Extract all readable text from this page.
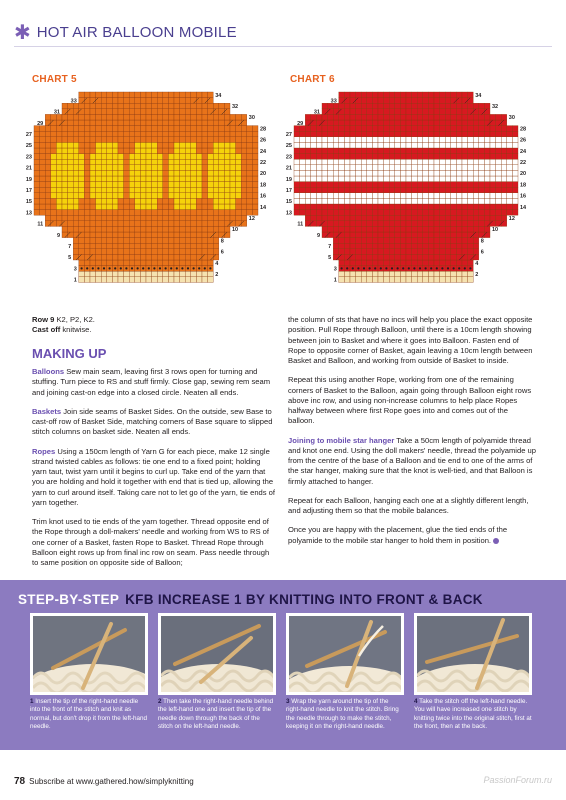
✱ HOT AIR BALLOON MOBILE
CHART 5	CHART 6
33
31
29
27
25
23
21
19
17
15
13
11
9
7
5
3
1
34
32
30
28
26
24
22
20
18
16
14
12
10
8
6
4
2
33
31
29
27
25
23
21
19
17
15
13
11
9
7
5
3
1
34
32
30
28
26
24
22
20
18
16
14
12
10
8
6
4
2
Row 9 K2, P2, K2.
Cast off knitwise.
MAKING UP

Balloons Sew main seam, leaving first 3 rows open for turning and stuffing. Turn piece to RS and stuff firmly. Close gap, sewing rem seam and joining cast-on edge into a closed circle. Neaten all ends.

Baskets Join side seams of Basket Sides. On the outside, sew Base to cast-off row of Basket Side, matching corners of Base square to slipped stitch columns on basket side. Neaten all ends.

Ropes Using a 150cm length of Yarn G for each piece, make 12 single strand twisted cables as follows: tie one end to a fixed point; holding yarn taut, twist yarn until it begins to curl up. Take end of the yarn that you are holding and hold it together with end that is tied up, allowing the yarn to curl around itself. Taking care not to let go of the yarn, tie ends of yarn together.

Trim knot used to tie ends of the yarn together. Thread opposite end of the Rope through a doll-makers' needle and working from WS to RS of one corner of a Basket, fasten Rope to Basket. Thread Rope through Balloon eight rows up from final inc row on seam. Pass needle through to same position on opposite side of Balloon;

the column of sts that have no incs will help you place the exact opposite position. Pull Rope through Balloon, until there is a 10cm length showing between join to Basket and where it goes into Balloon. Fasten end of Rope to opposite corner of Basket, again leaving a 10cm length between Basket and Balloon, and working from outside of Basket to inside.

Repeat this using another Rope, working from one of the remaining corners of Basket to the Balloon, again going through Balloon eight rows above inc row, and using non-increase columns to help place Ropes halfway between where first Rope goes into and comes out of the balloon.

Joining to mobile star hanger Take a 50cm length of polyamide thread and knot one end. Using the doll makers' needle, thread the polyamide up from the centre of the base of a Balloon and tie end to one of the arms of the star hanger, making sure that the knot is well-tied, and that Balloon is firmly attached to hanger.

Repeat for each Balloon, hanging each one at a slightly different length, and adjusting them so that the mobile balances.

Once you are happy with the placement, glue the tied ends of the polyamide to the mobile star hanger to hold them in position.

STEP-BY-STEP KFB INCREASE 1 BY KNITTING INTO FRONT & BACK
1 Insert the tip of the right-hand needle into the front of the stitch and knit as normal, but don't drop it from the left-hand needle.
2 Then take the right-hand needle behind the left-hand one and insert the tip of the needle down through the back of the stitch on the left-hand needle.
3 Wrap the yarn around the tip of the right-hand needle to knit the stitch. Bring the needle through to make the stitch, keeping it on the right-hand needle.
4 Take the stitch off the left-hand needle. You will have increased one stitch by knitting twice into the original stitch, first at the front, then at the back.
78 Subscribe at www.gathered.how/simplyknitting	PassionForum.ru
